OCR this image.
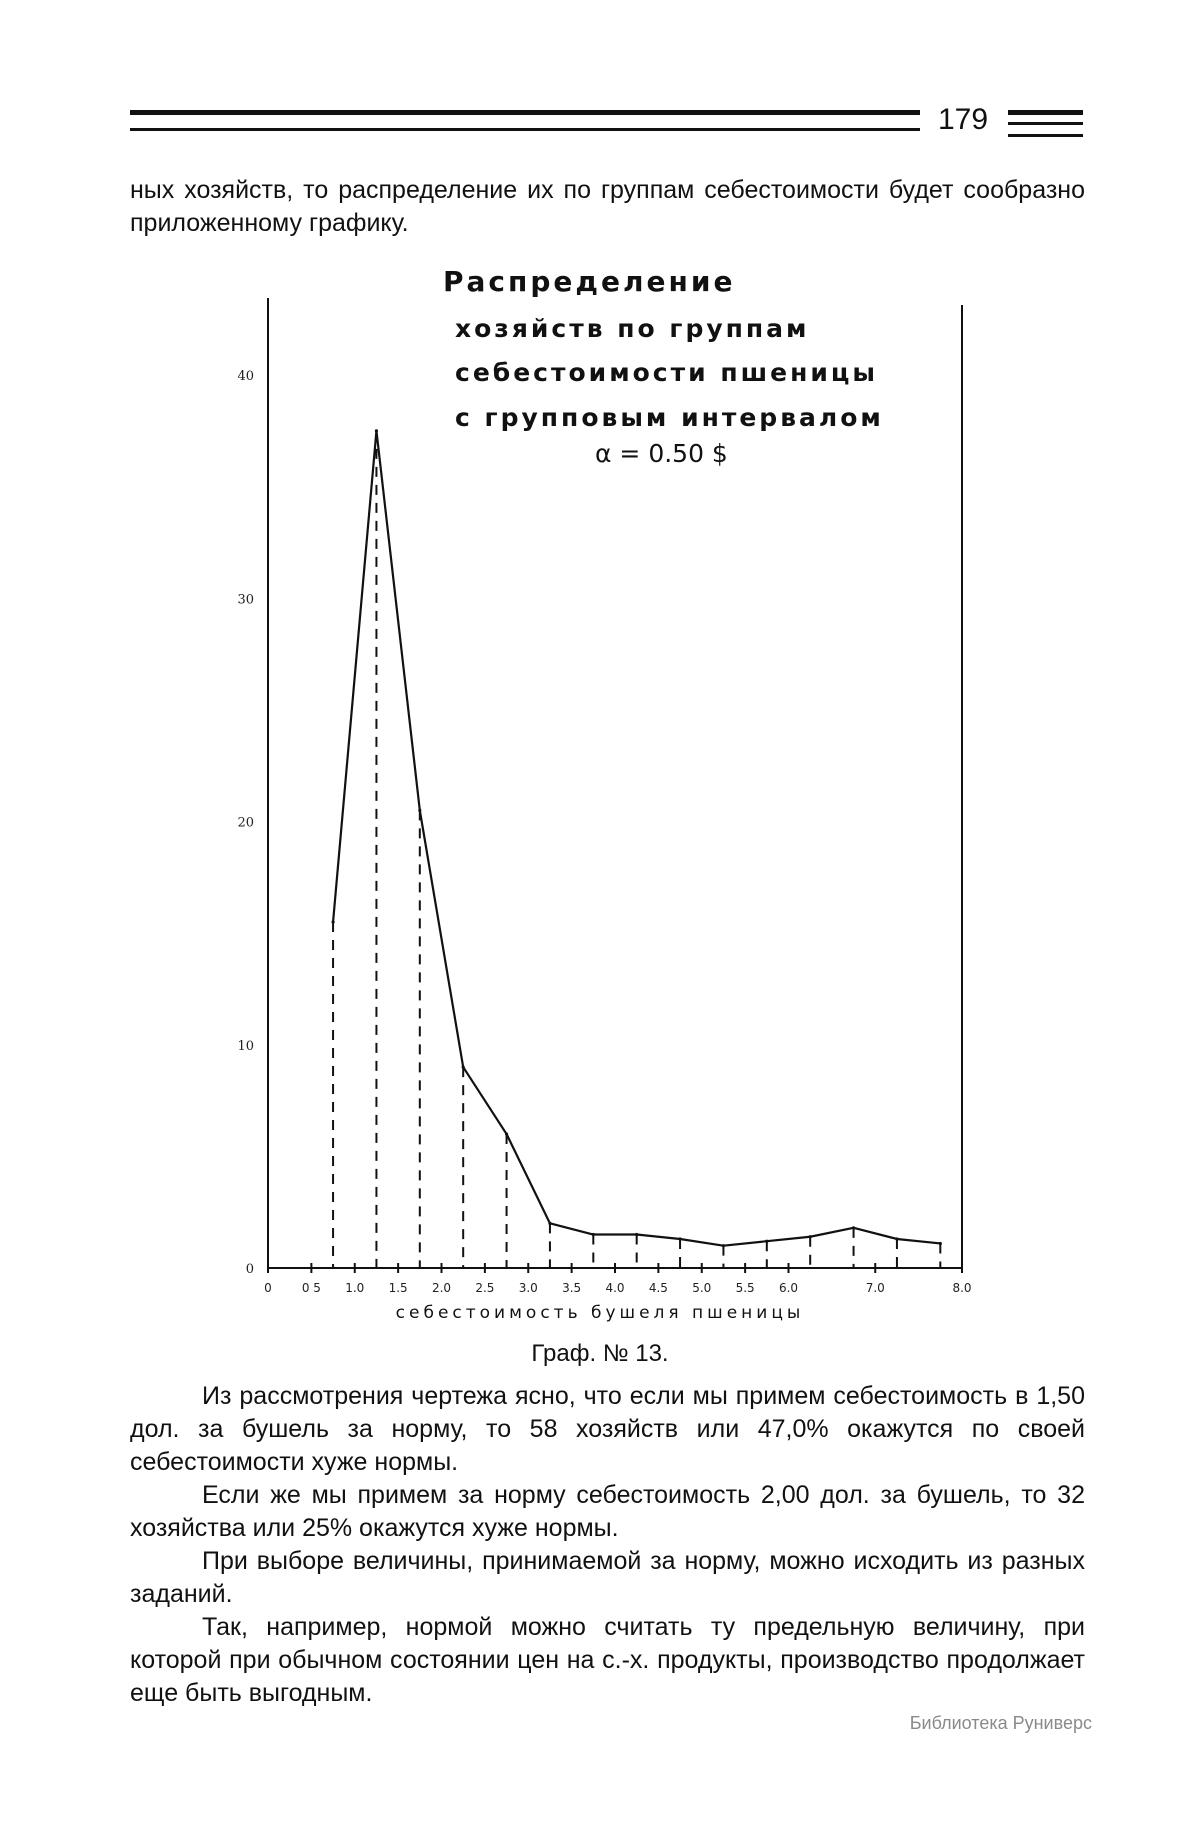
179

ных хозяйств, то распределение их по группам себестоимости будет сообразно приложенному графику.

0
10
20
30
40
0	0 5 1.0 1.5 2.0 2.5 3.0 3.5 4.0 4.5 5.0 5.5 6.0	7.0	8.0
Распределение
хозяйств по группам
себестоимости пшеницы
с групповым интервалом
α = 0.50 $
себестоимость бушеля пшеницы
Граф. № 13.

Из рассмотрения чертежа ясно, что если мы примем себестоимость в 1,50 дол. за бушель за норму, то 58 хозяйств или 47,0% окажутся по своей себестоимости хуже нормы.

Если же мы примем за норму себестоимость 2,00 дол. за бушель, то 32 хозяйства или 25% окажутся хуже нормы.

При выборе величины, принимаемой за норму, можно исходить из разных заданий.

Так, например, нормой можно считать ту предельную величину, при которой при обычном состоянии цен на с.-х. продукты, производство продолжает еще быть выгодным.

Библиотека Руниверс
